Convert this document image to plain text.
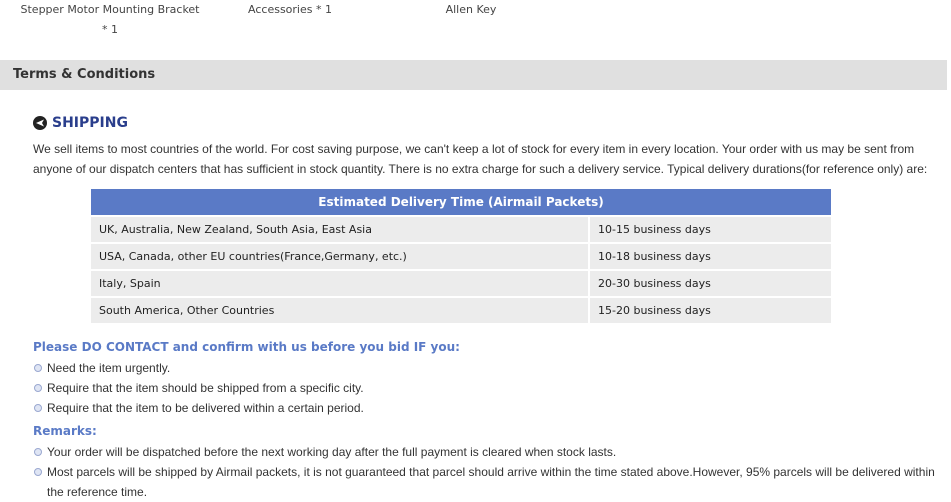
Stepper Motor Mounting Bracket
* 1
Accessories * 1	Allen Key
Terms & Conditions
SHIPPING
We sell items to most countries of the world. For cost saving purpose, we can't keep a lot of stock for every item in every location. Your order with us may be sent from anyone of our dispatch centers that has sufficient in stock quantity. There is no extra charge for such a delivery service. Typical delivery durations(for reference only) are:
Estimated Delivery Time (Airmail Packets)
UK, Australia, New Zealand, South Asia, East Asia	10-15 business days
USA, Canada, other EU countries(France,Germany, etc.)	10-18 business days
Italy, Spain	20-30 business days
South America, Other Countries	15-20 business days
Please DO CONTACT and confirm with us before you bid IF you:
Need the item urgently.
Require that the item should be shipped from a specific city.
Require that the item to be delivered within a certain period.
Remarks:
Your order will be dispatched before the next working day after the full payment is cleared when stock lasts.
Most parcels will be shipped by Airmail packets, it is not guaranteed that parcel should arrive within the time stated above.However, 95% parcels will be delivered within the reference time.
